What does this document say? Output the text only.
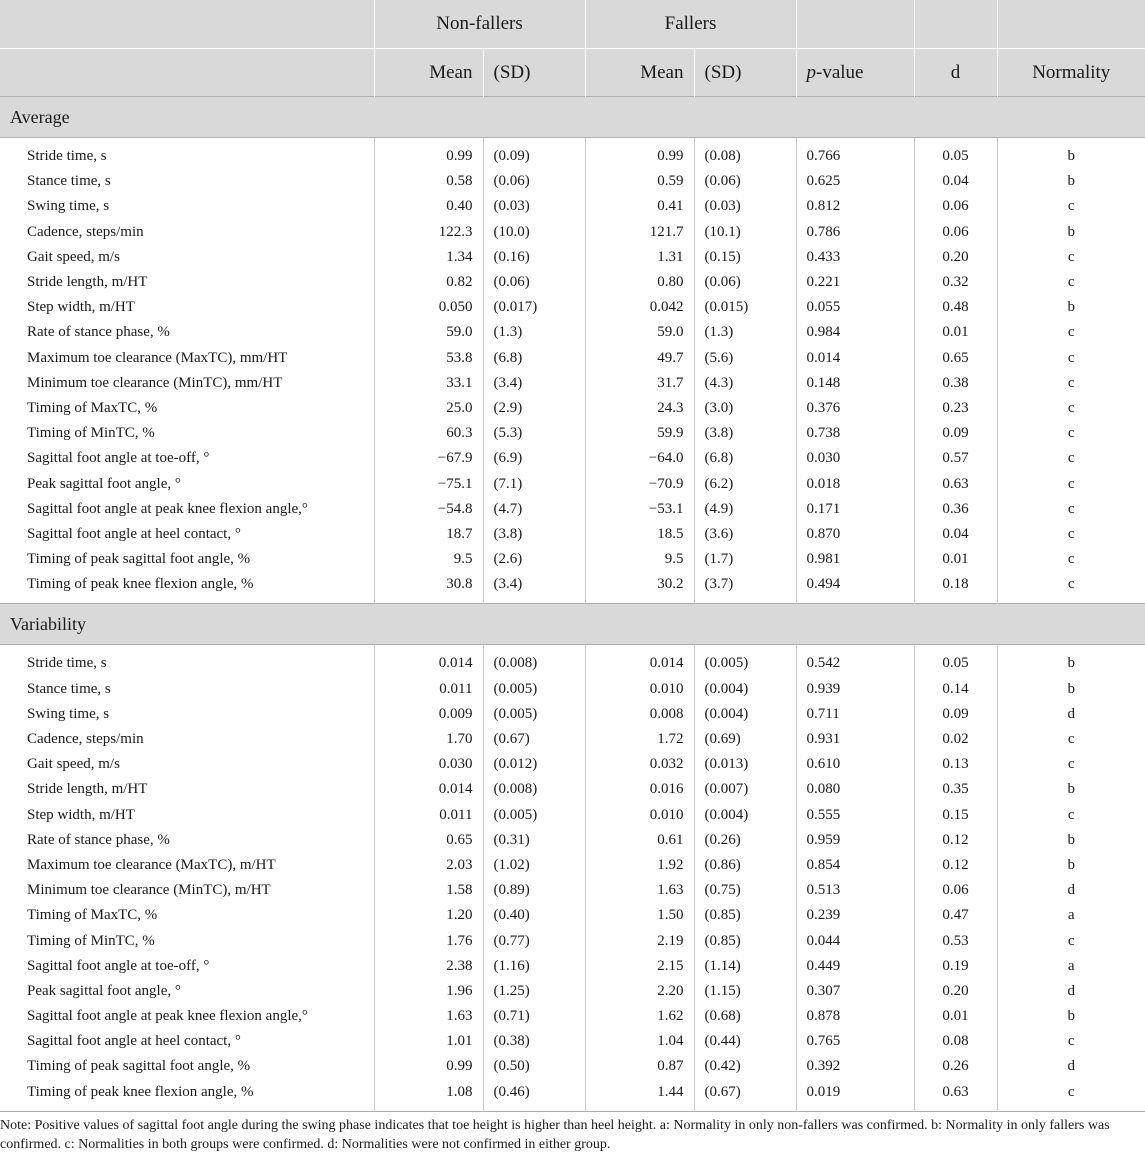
	Non-fallers		Fallers				
	Mean	(SD)	Mean	(SD)	p-value	d	Normality
Average							

Stride time, s	0.99	(0.09)	0.99	(0.08)	0.766	0.05	b
Stance time, s	0.58	(0.06)	0.59	(0.06)	0.625	0.04	b
Swing time, s	0.40	(0.03)	0.41	(0.03)	0.812	0.06	c
Cadence, steps/min	122.3	(10.0)	121.7	(10.1)	0.786	0.06	b
Gait speed, m/s	1.34	(0.16)	1.31	(0.15)	0.433	0.20	c
Stride length, m/HT	0.82	(0.06)	0.80	(0.06)	0.221	0.32	c
Step width, m/HT	0.050	(0.017)	0.042	(0.015)	0.055	0.48	b
Rate of stance phase, %	59.0	(1.3)	59.0	(1.3)	0.984	0.01	c
Maximum toe clearance (MaxTC), mm/HT	53.8	(6.8)	49.7	(5.6)	0.014	0.65	c
Minimum toe clearance (MinTC), mm/HT	33.1	(3.4)	31.7	(4.3)	0.148	0.38	c
Timing of MaxTC, %	25.0	(2.9)	24.3	(3.0)	0.376	0.23	c
Timing of MinTC, %	60.3	(5.3)	59.9	(3.8)	0.738	0.09	c
Sagittal foot angle at toe-off, °	−67.9	(6.9)	−64.0	(6.8)	0.030	0.57	c
Peak sagittal foot angle, °	−75.1	(7.1)	−70.9	(6.2)	0.018	0.63	c
Sagittal foot angle at peak knee flexion angle,°	−54.8	(4.7)	−53.1	(4.9)	0.171	0.36	c
Sagittal foot angle at heel contact, °	18.7	(3.8)	18.5	(3.6)	0.870	0.04	c
Timing of peak sagittal foot angle, %	9.5	(2.6)	9.5	(1.7)	0.981	0.01	c
Timing of peak knee flexion angle, %	30.8	(3.4)	30.2	(3.7)	0.494	0.18	c

Variability							

Stride time, s	0.014	(0.008)	0.014	(0.005)	0.542	0.05	b
Stance time, s	0.011	(0.005)	0.010	(0.004)	0.939	0.14	b
Swing time, s	0.009	(0.005)	0.008	(0.004)	0.711	0.09	d
Cadence, steps/min	1.70	(0.67)	1.72	(0.69)	0.931	0.02	c
Gait speed, m/s	0.030	(0.012)	0.032	(0.013)	0.610	0.13	c
Stride length, m/HT	0.014	(0.008)	0.016	(0.007)	0.080	0.35	b
Step width, m/HT	0.011	(0.005)	0.010	(0.004)	0.555	0.15	c
Rate of stance phase, %	0.65	(0.31)	0.61	(0.26)	0.959	0.12	b
Maximum toe clearance (MaxTC), m/HT	2.03	(1.02)	1.92	(0.86)	0.854	0.12	b
Minimum toe clearance (MinTC), m/HT	1.58	(0.89)	1.63	(0.75)	0.513	0.06	d
Timing of MaxTC, %	1.20	(0.40)	1.50	(0.85)	0.239	0.47	a
Timing of MinTC, %	1.76	(0.77)	2.19	(0.85)	0.044	0.53	c
Sagittal foot angle at toe-off, °	2.38	(1.16)	2.15	(1.14)	0.449	0.19	a
Peak sagittal foot angle, °	1.96	(1.25)	2.20	(1.15)	0.307	0.20	d
Sagittal foot angle at peak knee flexion angle,°	1.63	(0.71)	1.62	(0.68)	0.878	0.01	b
Sagittal foot angle at heel contact, °	1.01	(0.38)	1.04	(0.44)	0.765	0.08	c
Timing of peak sagittal foot angle, %	0.99	(0.50)	0.87	(0.42)	0.392	0.26	d
Timing of peak knee flexion angle, %	1.08	(0.46)	1.44	(0.67)	0.019	0.63	c

Note: Positive values of sagittal foot angle during the swing phase indicates that toe height is higher than heel height. a: Normality in only non-fallers was confirmed. b: Normality in only fallers was confirmed. c: Normalities in both groups were confirmed. d: Normalities were not confirmed in either group.
